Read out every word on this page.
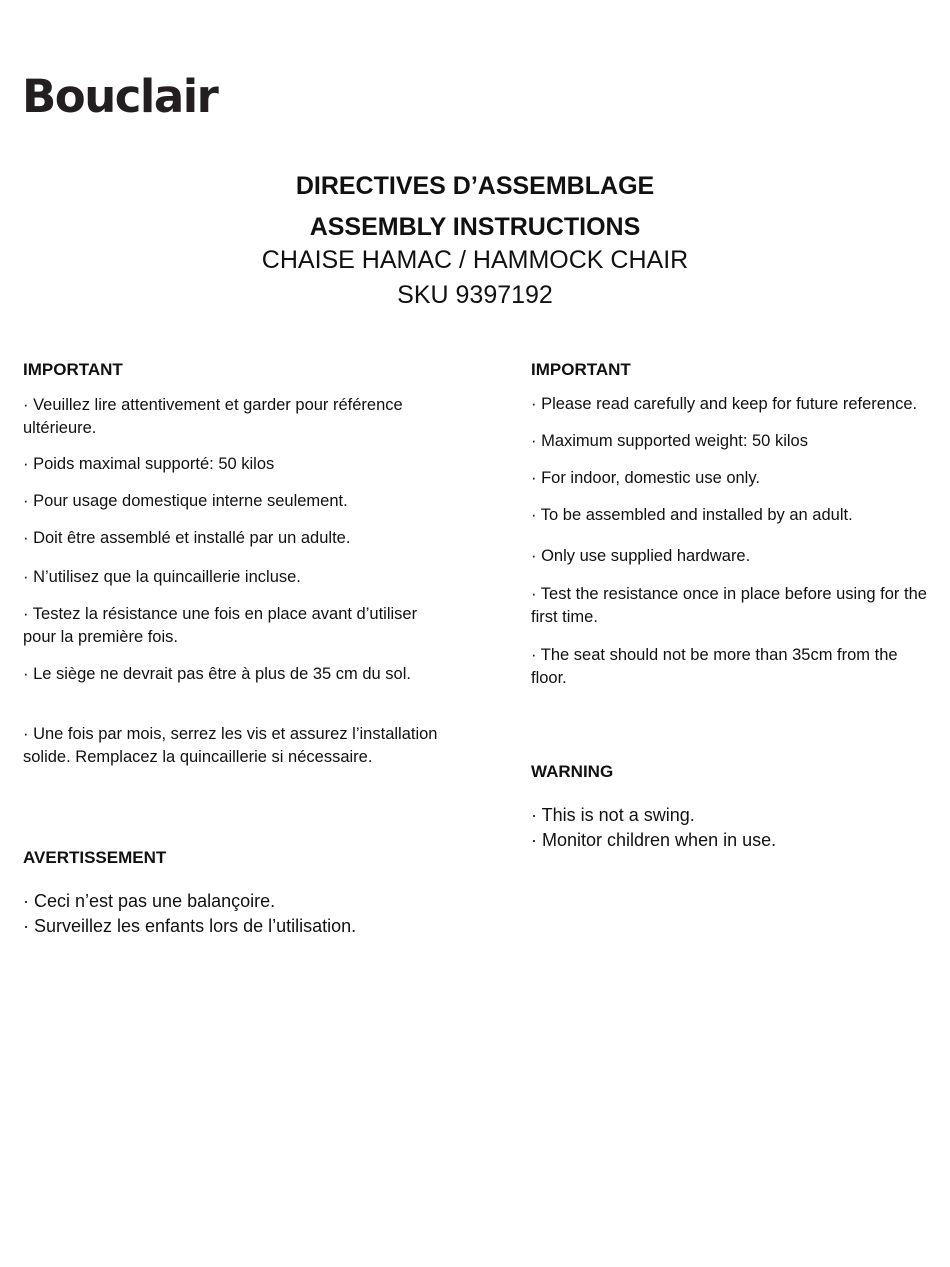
Bouclair
DIRECTIVES D’ASSEMBLAGE
ASSEMBLY INSTRUCTIONS
CHAISE HAMAC / HAMMOCK CHAIR
SKU 9397192
IMPORTANT
· Veuillez lire attentivement et garder pour référence ultérieure.
· Poids maximal supporté: 50 kilos
· Pour usage domestique interne seulement.
· Doit être assemblé et installé par un adulte.
· N’utilisez que la quincaillerie incluse.
· Testez la résistance une fois en place avant d’utiliser pour la première fois.
· Le siège ne devrait pas être à plus de 35 cm du sol.
· Une fois par mois, serrez les vis et assurez l’installation solide. Remplacez la quincaillerie si nécessaire.
AVERTISSEMENT
· Ceci n’est pas une balançoire.
· Surveillez les enfants lors de l’utilisation.
IMPORTANT
· Please read carefully and keep for future reference.
· Maximum supported weight: 50 kilos
· For indoor, domestic use only.
· To be assembled and installed by an adult.
· Only use supplied hardware.
· Test the resistance once in place before using for the first time.
· The seat should not be more than 35cm from the floor.
WARNING
· This is not a swing.
· Monitor children when in use.
